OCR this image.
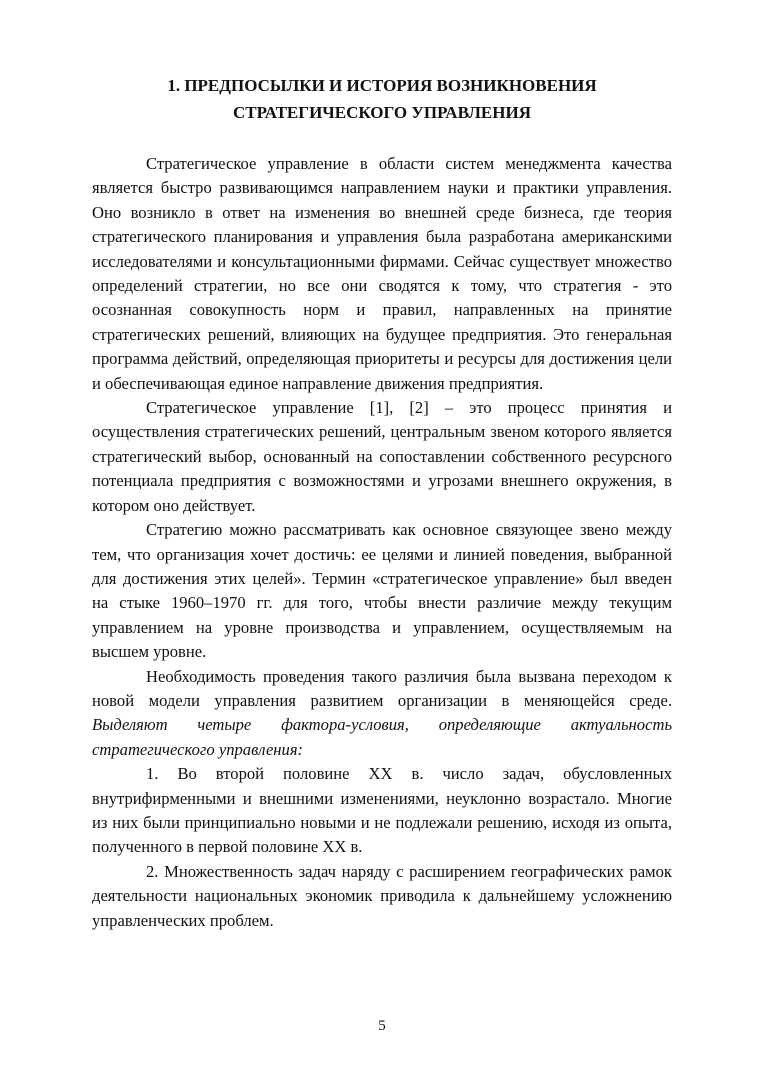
1. ПРЕДПОСЫЛКИ И ИСТОРИЯ ВОЗНИКНОВЕНИЯ
СТРАТЕГИЧЕСКОГО УПРАВЛЕНИЯ

Стратегическое управление в области систем менеджмента качества является быстро развивающимся направлением науки и практики управления. Оно возникло в ответ на изменения во внешней среде бизнеса, где теория стратегического планирования и управления была разработана американскими исследователями и консультационными фирмами. Сейчас существует множество определений стратегии, но все они сводятся к тому, что стратегия - это осознанная совокупность норм и правил, направленных на принятие стратегических решений, влияющих на будущее предприятия. Это генеральная программа действий, определяющая приоритеты и ресурсы для достижения цели и обеспечивающая единое направление движения предприятия.

Стратегическое управление [1], [2] – это процесс принятия и осуществления стратегических решений, центральным звеном которого является стратегический выбор, основанный на сопоставлении собственного ресурсного потенциала предприятия с возможностями и угрозами внешнего окружения, в котором оно действует.

Стратегию можно рассматривать как основное связующее звено между тем, что организация хочет достичь: ее целями и линией поведения, выбранной для достижения этих целей». Термин «стратегическое управление» был введен на стыке 1960–1970 гг. для того, чтобы внести различие между текущим управлением на уровне производства и управлением, осуществляемым на высшем уровне.

Необходимость проведения такого различия была вызвана переходом к новой модели управления развитием организации в меняющейся среде. Выделяют четыре фактора-условия, определяющие актуальность стратегического управления:

1. Во второй половине XX в. число задач, обусловленных внутрифирменными и внешними изменениями, неуклонно возрастало. Многие из них были принципиально новыми и не подлежали решению, исходя из опыта, полученного в первой половине XX в.

2. Множественность задач наряду с расширением географических рамок деятельности национальных экономик приводила к дальнейшему усложнению управленческих проблем.

5
